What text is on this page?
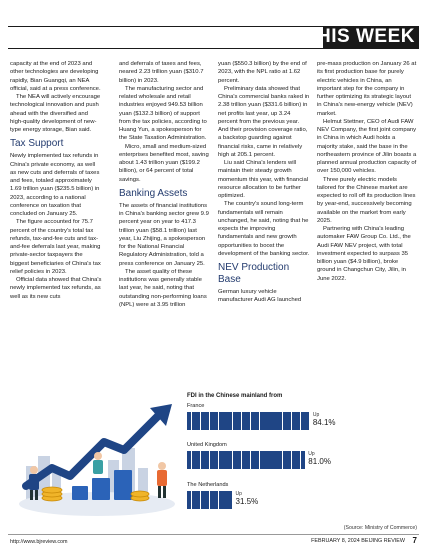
THIS WEEK

capacity at the end of 2023 and other technologies are developing rapidly, Bian Guangqi, an NEA official, said at a press conference.

The NEA will actively encourage technological innovation and push ahead with the diversified and high-quality development of new-type energy storage, Bian said.

Tax Support

Newly implemented tax refunds in China's private economy, as well as new cuts and deferrals of taxes and fees, totaled approximately 1.69 trillion yuan ($235.5 billion) in 2023, according to a national conference on taxation that concluded on January 25.

The figure accounted for 75.7 percent of the country's total tax refunds, tax-and-fee cuts and tax-and-fee deferrals last year, making private-sector taxpayers the biggest beneficiaries of China's tax relief policies in 2023.

Official data showed that China's newly implemented tax refunds, as well as its new cuts

and deferrals of taxes and fees, neared 2.23 trillion yuan ($310.7 billion) in 2023.

The manufacturing sector and related wholesale and retail industries enjoyed 949.53 billion yuan ($132.3 billion) of support from the tax policies, according to Huang Yun, a spokesperson for the State Taxation Administration.

Micro, small and medium-sized enterprises benefited most, saving about 1.43 trillion yuan ($199.2 billion), or 64 percent of total savings.

Banking Assets

The assets of financial institutions in China's banking sector grew 9.9 percent year on year to 417.3 trillion yuan ($58.1 trillion) last year, Liu Zhijing, a spokesperson for the National Financial Regulatory Administration, told a press conference on January 25.

The asset quality of these institutions was generally stable last year, he said, noting that outstanding non-performing loans (NPL) were at 3.95 trillion

yuan ($550.3 billion) by the end of 2023, with the NPL ratio at 1.62 percent.

Preliminary data showed that China's commercial banks raked in 2.38 trillion yuan ($331.6 billion) in net profits last year, up 3.24 percent from the previous year. And their provision coverage ratio, a backstop guarding against financial risks, came in relatively high at 205.1 percent.

Liu said China's lenders will maintain their steady growth momentum this year, with financial resource allocation to be further optimized.

The country's sound long-term fundamentals will remain unchanged, he said, noting that he expects the improving fundamentals and new growth opportunities to boost the development of the banking sector.

NEV Production Base

German luxury vehicle manufacturer Audi AG launched

pre-mass production on January 26 at its first production base for purely electric vehicles in China, an important step for the company in further optimizing its strategic layout in China's new-energy vehicle (NEV) market.

Helmut Stettner, CEO of Audi FAW NEV Company, the first joint company in China in which Audi holds a majority stake, said the base in the northeastern province of Jilin boasts a planned annual production capacity of over 150,000 vehicles.

Three purely electric models tailored for the Chinese market are expected to roll off its production lines by year-end, successively becoming available on the market from early 2025.

Partnering with China's leading automaker FAW Group Co. Ltd., the Audi FAW NEV project, with total investment expected to surpass 35 billion yuan ($4.9 billion), broke ground in Changchun City, Jilin, in June 2022.

FDI in the Chinese mainland from
France
Up
84.1%
United Kingdom
Up
81.0%
The Netherlands
Up
31.5%
(Source: Ministry of Commerce)
http://www.bjreview.com	FEBRUARY 8, 2024 BEIJING REVIEW 7
